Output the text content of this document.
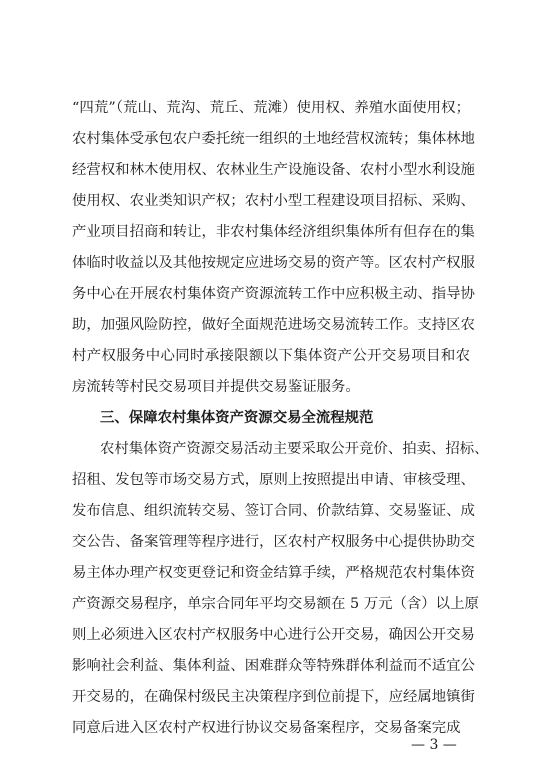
“四荒”（荒山、荒沟、荒丘、荒滩）使用权、养殖水面使用权；
农村集体受承包农户委托统一组织的土地经营权流转；集体林地
经营权和林木使用权、农林业生产设施设备、农村小型水利设施
使用权、农业类知识产权；农村小型工程建设项目招标、采购、
产业项目招商和转让，非农村集体经济组织集体所有但存在的集
体临时收益以及其他按规定应进场交易的资产等。区农村产权服
务中心在开展农村集体资产资源流转工作中应积极主动、指导协
助，加强风险防控，做好全面规范进场交易流转工作。支持区农
村产权服务中心同时承接限额以下集体资产公开交易项目和农
房流转等村民交易项目并提供交易鉴证服务。
三、保障农村集体资产资源交易全流程规范
农村集体资产资源交易活动主要采取公开竞价、拍卖、招标、
招租、发包等市场交易方式，原则上按照提出申请、审核受理、
发布信息、组织流转交易、签订合同、价款结算、交易鉴证、成
交公告、备案管理等程序进行，区农村产权服务中心提供协助交
易主体办理产权变更登记和资金结算手续，严格规范农村集体资
产资源交易程序，单宗合同年平均交易额在 5 万元（含）以上原
则上必须进入区农村产权服务中心进行公开交易，确因公开交易
影响社会利益、集体利益、困难群众等特殊群体利益而不适宜公
开交易的，在确保村级民主决策程序到位前提下，应经属地镇街
同意后进入区农村产权进行协议交易备案程序，交易备案完成
— 3 —
